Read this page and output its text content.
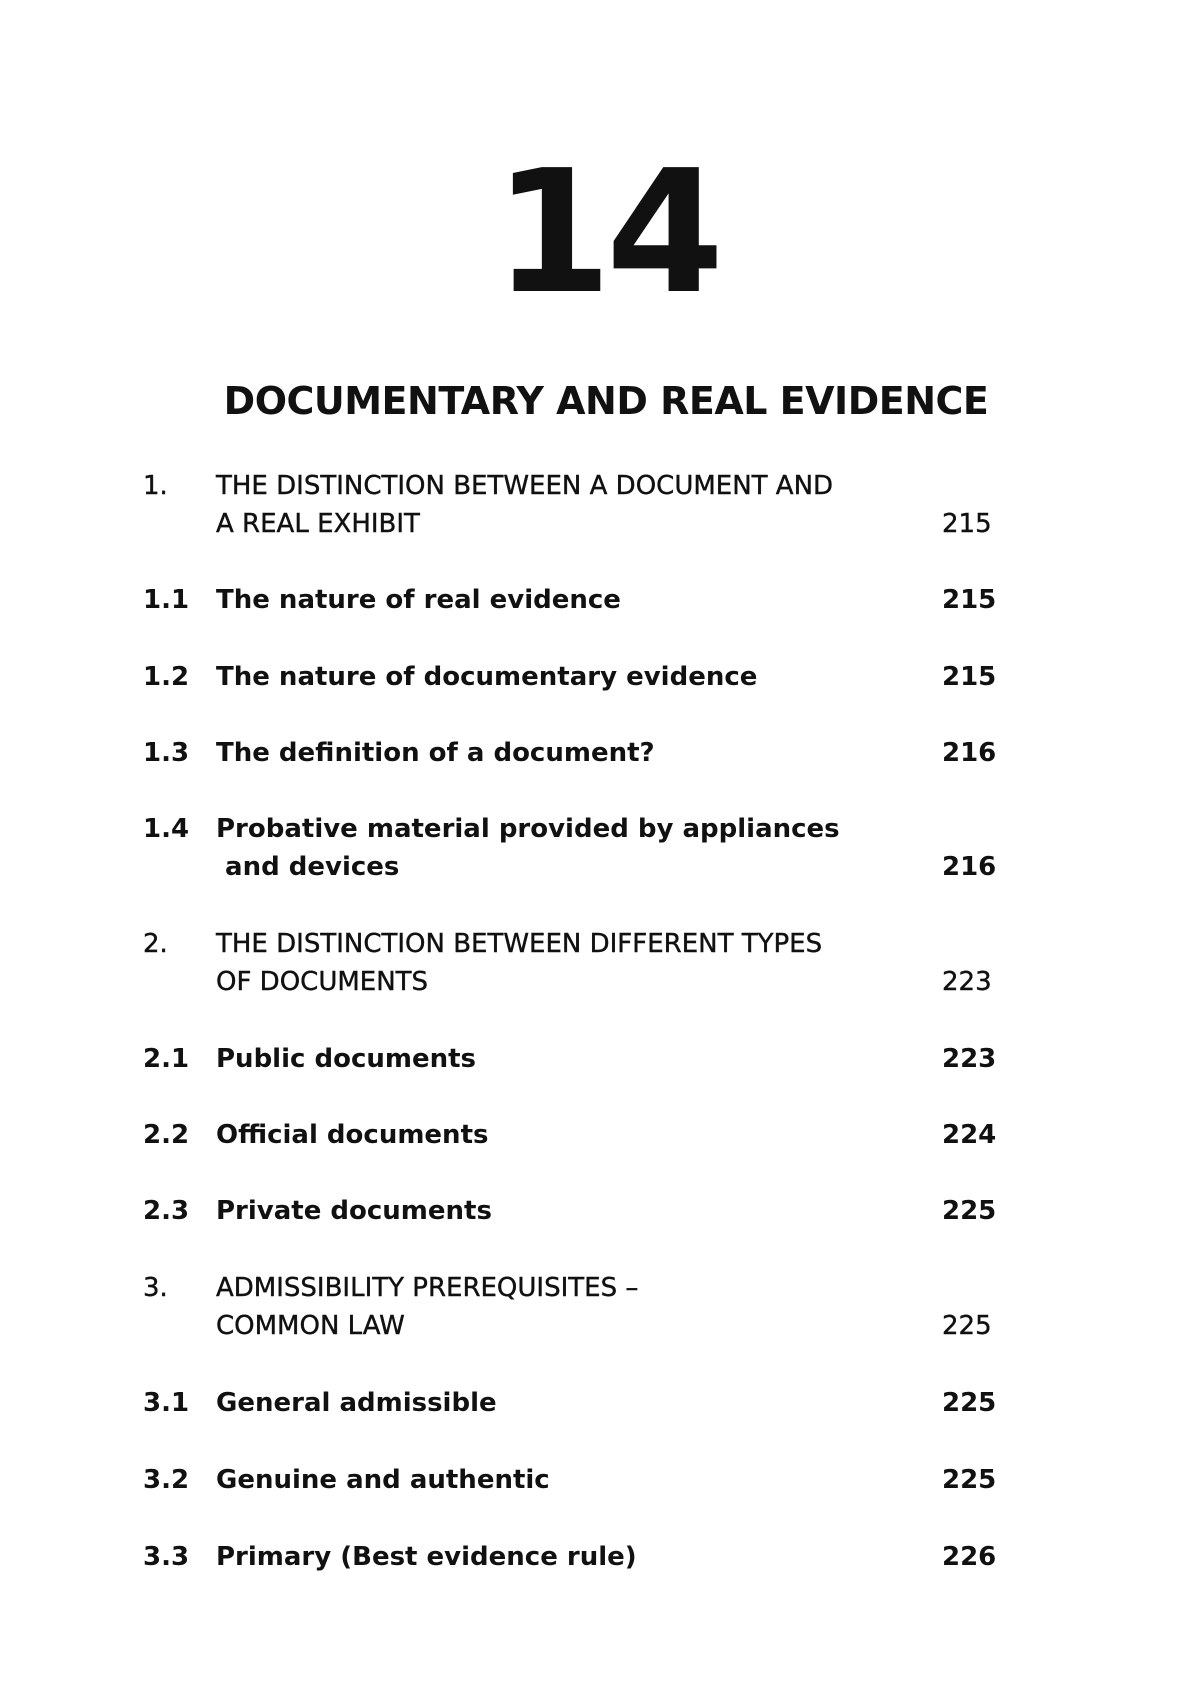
14
DOCUMENTARY AND REAL EVIDENCE
1. THE DISTINCTION BETWEEN A DOCUMENT AND
A REAL EXHIBIT	215
1.1 The nature of real evidence	215
1.2 The nature of documentary evidence	215
1.3 The definition of a document?	216
1.4 Probative material provided by appliances
and devices	216
2. THE DISTINCTION BETWEEN DIFFERENT TYPES
OF DOCUMENTS	223
2.1 Public documents	223
2.2 Official documents	224
2.3 Private documents	225
3. ADMISSIBILITY PREREQUISITES –
COMMON LAW	225
3.1 General admissible	225
3.2 Genuine and authentic	225
3.3 Primary (Best evidence rule)	226
